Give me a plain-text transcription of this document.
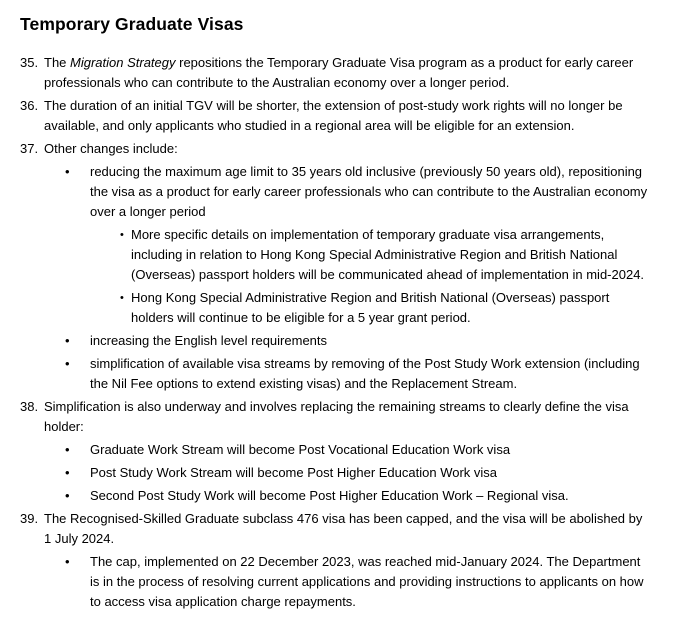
Temporary Graduate Visas
35. The Migration Strategy repositions the Temporary Graduate Visa program as a product for early career professionals who can contribute to the Australian economy over a longer period.
36. The duration of an initial TGV will be shorter, the extension of post-study work rights will no longer be available, and only applicants who studied in a regional area will be eligible for an extension.
37. Other changes include:
• reducing the maximum age limit to 35 years old inclusive (previously 50 years old), repositioning the visa as a product for early career professionals who can contribute to the Australian economy over a longer period
• More specific details on implementation of temporary graduate visa arrangements, including in relation to Hong Kong Special Administrative Region and British National (Overseas) passport holders will be communicated ahead of implementation in mid-2024.
• Hong Kong Special Administrative Region and British National (Overseas) passport holders will continue to be eligible for a 5 year grant period.
• increasing the English level requirements
• simplification of available visa streams by removing of the Post Study Work extension (including the Nil Fee options to extend existing visas) and the Replacement Stream.
38. Simplification is also underway and involves replacing the remaining streams to clearly define the visa holder:
• Graduate Work Stream will become Post Vocational Education Work visa
• Post Study Work Stream will become Post Higher Education Work visa
• Second Post Study Work will become Post Higher Education Work – Regional visa.
39. The Recognised-Skilled Graduate subclass 476 visa has been capped, and the visa will be abolished by 1 July 2024.
• The cap, implemented on 22 December 2023, was reached mid-January 2024. The Department is in the process of resolving current applications and providing instructions to applicants on how to access visa application charge repayments.
